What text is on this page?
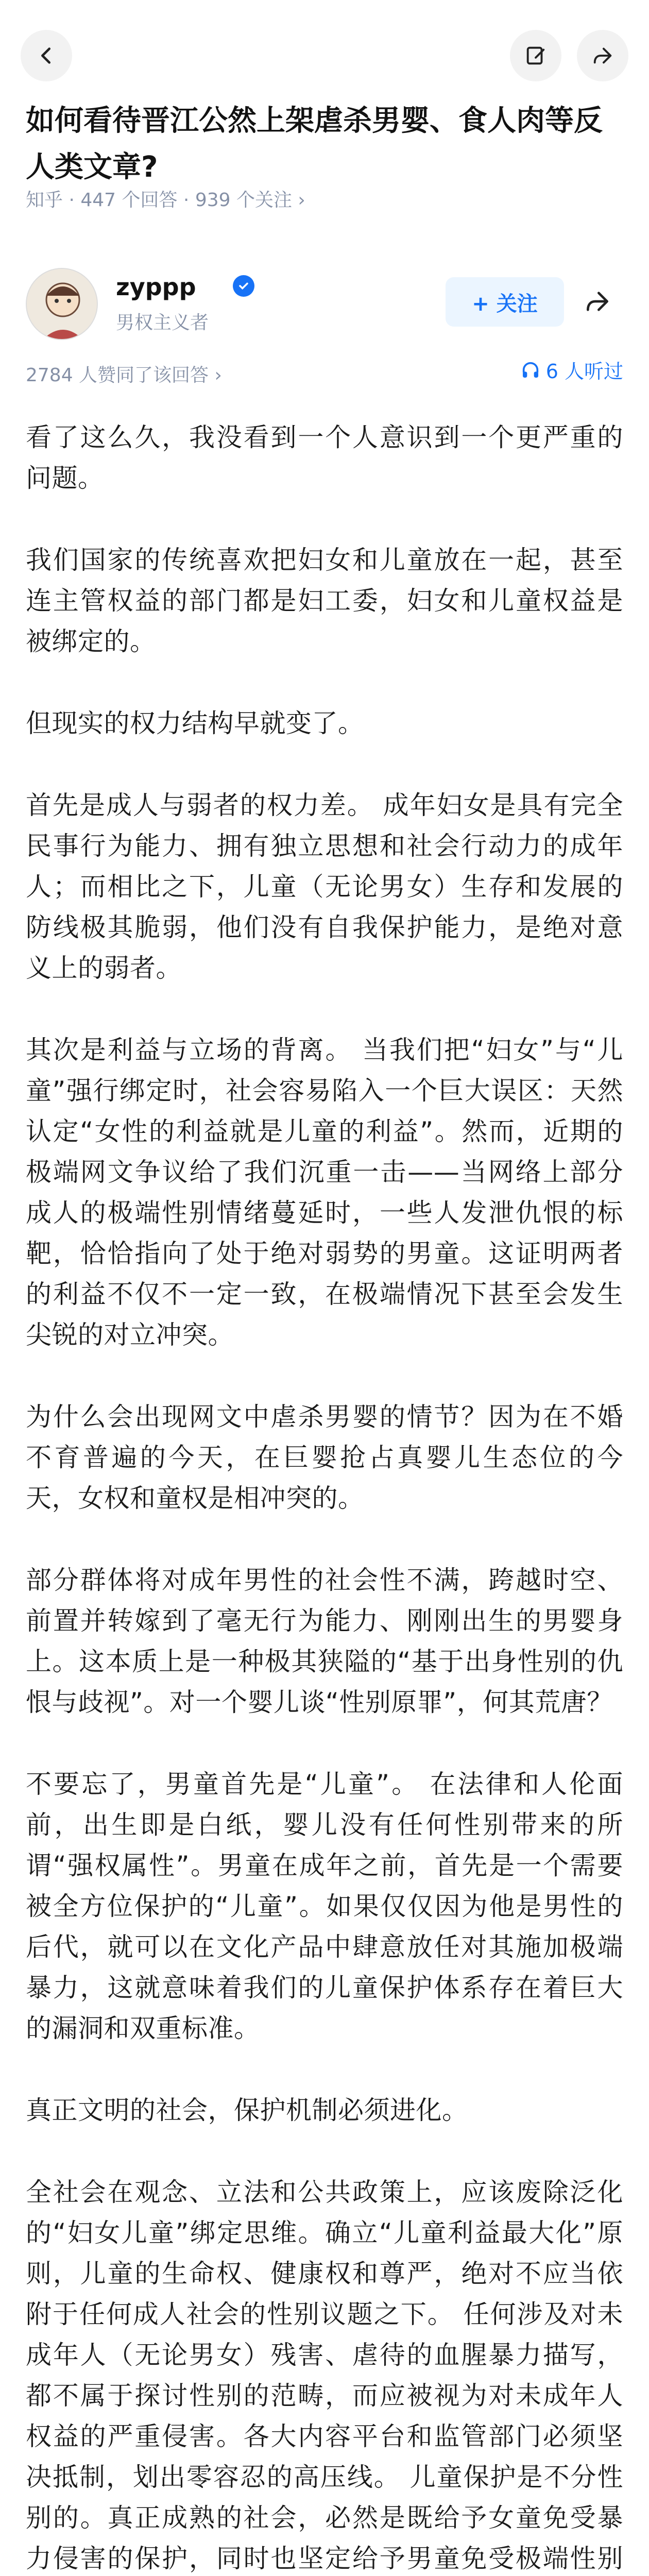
如何看待晋江公然上架虐杀男婴、食人肉等反人类文章?
知乎 · 447 个回答 · 939 个关注 ›
zyppp
男权主义者
+ 关注
2784 人赞同了该回答 ›	6 人听过

看了这么久，我没看到一个人意识到一个更严重的问题。

我们国家的传统喜欢把妇女和儿童放在一起，甚至连主管权益的部门都是妇工委，妇女和儿童权益是被绑定的。

但现实的权力结构早就变了。

首先是成人与弱者的权力差。 成年妇女是具有完全民事行为能力、拥有独立思想和社会行动力的成年人；而相比之下，儿童（无论男女）生存和发展的防线极其脆弱，他们没有自我保护能力，是绝对意义上的弱者。

其次是利益与立场的背离。 当我们把“妇女”与“儿童”强行绑定时，社会容易陷入一个巨大误区：天然认定“女性的利益就是儿童的利益”。然而，近期的极端网文争议给了我们沉重一击——当网络上部分成人的极端性别情绪蔓延时，一些人发泄仇恨的标靶，恰恰指向了处于绝对弱势的男童。这证明两者的利益不仅不一定一致，在极端情况下甚至会发生尖锐的对立冲突。

为什么会出现网文中虐杀男婴的情节？因为在不婚不育普遍的今天，在巨婴抢占真婴儿生态位的今天，女权和童权是相冲突的。

部分群体将对成年男性的社会性不满，跨越时空、前置并转嫁到了毫无行为能力、刚刚出生的男婴身上。这本质上是一种极其狭隘的“基于出身性别的仇恨与歧视”。对一个婴儿谈“性别原罪”，何其荒唐？

不要忘了，男童首先是“儿童”。 在法律和人伦面前，出生即是白纸，婴儿没有任何性别带来的所谓“强权属性”。男童在成年之前，首先是一个需要被全方位保护的“儿童”。如果仅仅因为他是男性的后代，就可以在文化产品中肆意放任对其施加极端暴力，这就意味着我们的儿童保护体系存在着巨大的漏洞和双重标准。

真正文明的社会，保护机制必须进化。

全社会在观念、立法和公共政策上，应该废除泛化的“妇女儿童”绑定思维。确立“儿童利益最大化”原则，儿童的生命权、健康权和尊严，绝对不应当依附于任何成人社会的性别议题之下。 任何涉及对未成年人（无论男女）残害、虐待的血腥暴力描写，都不属于探讨性别的范畴，而应被视为对未成年人权益的严重侵害。各大内容平台和监管部门必须坚决抵制，划出零容忍的高压线。 儿童保护是不分性别的。真正成熟的社会，必然是既给予女童免受暴力侵害的保护，同时也坚定给予男童免受极端性别
